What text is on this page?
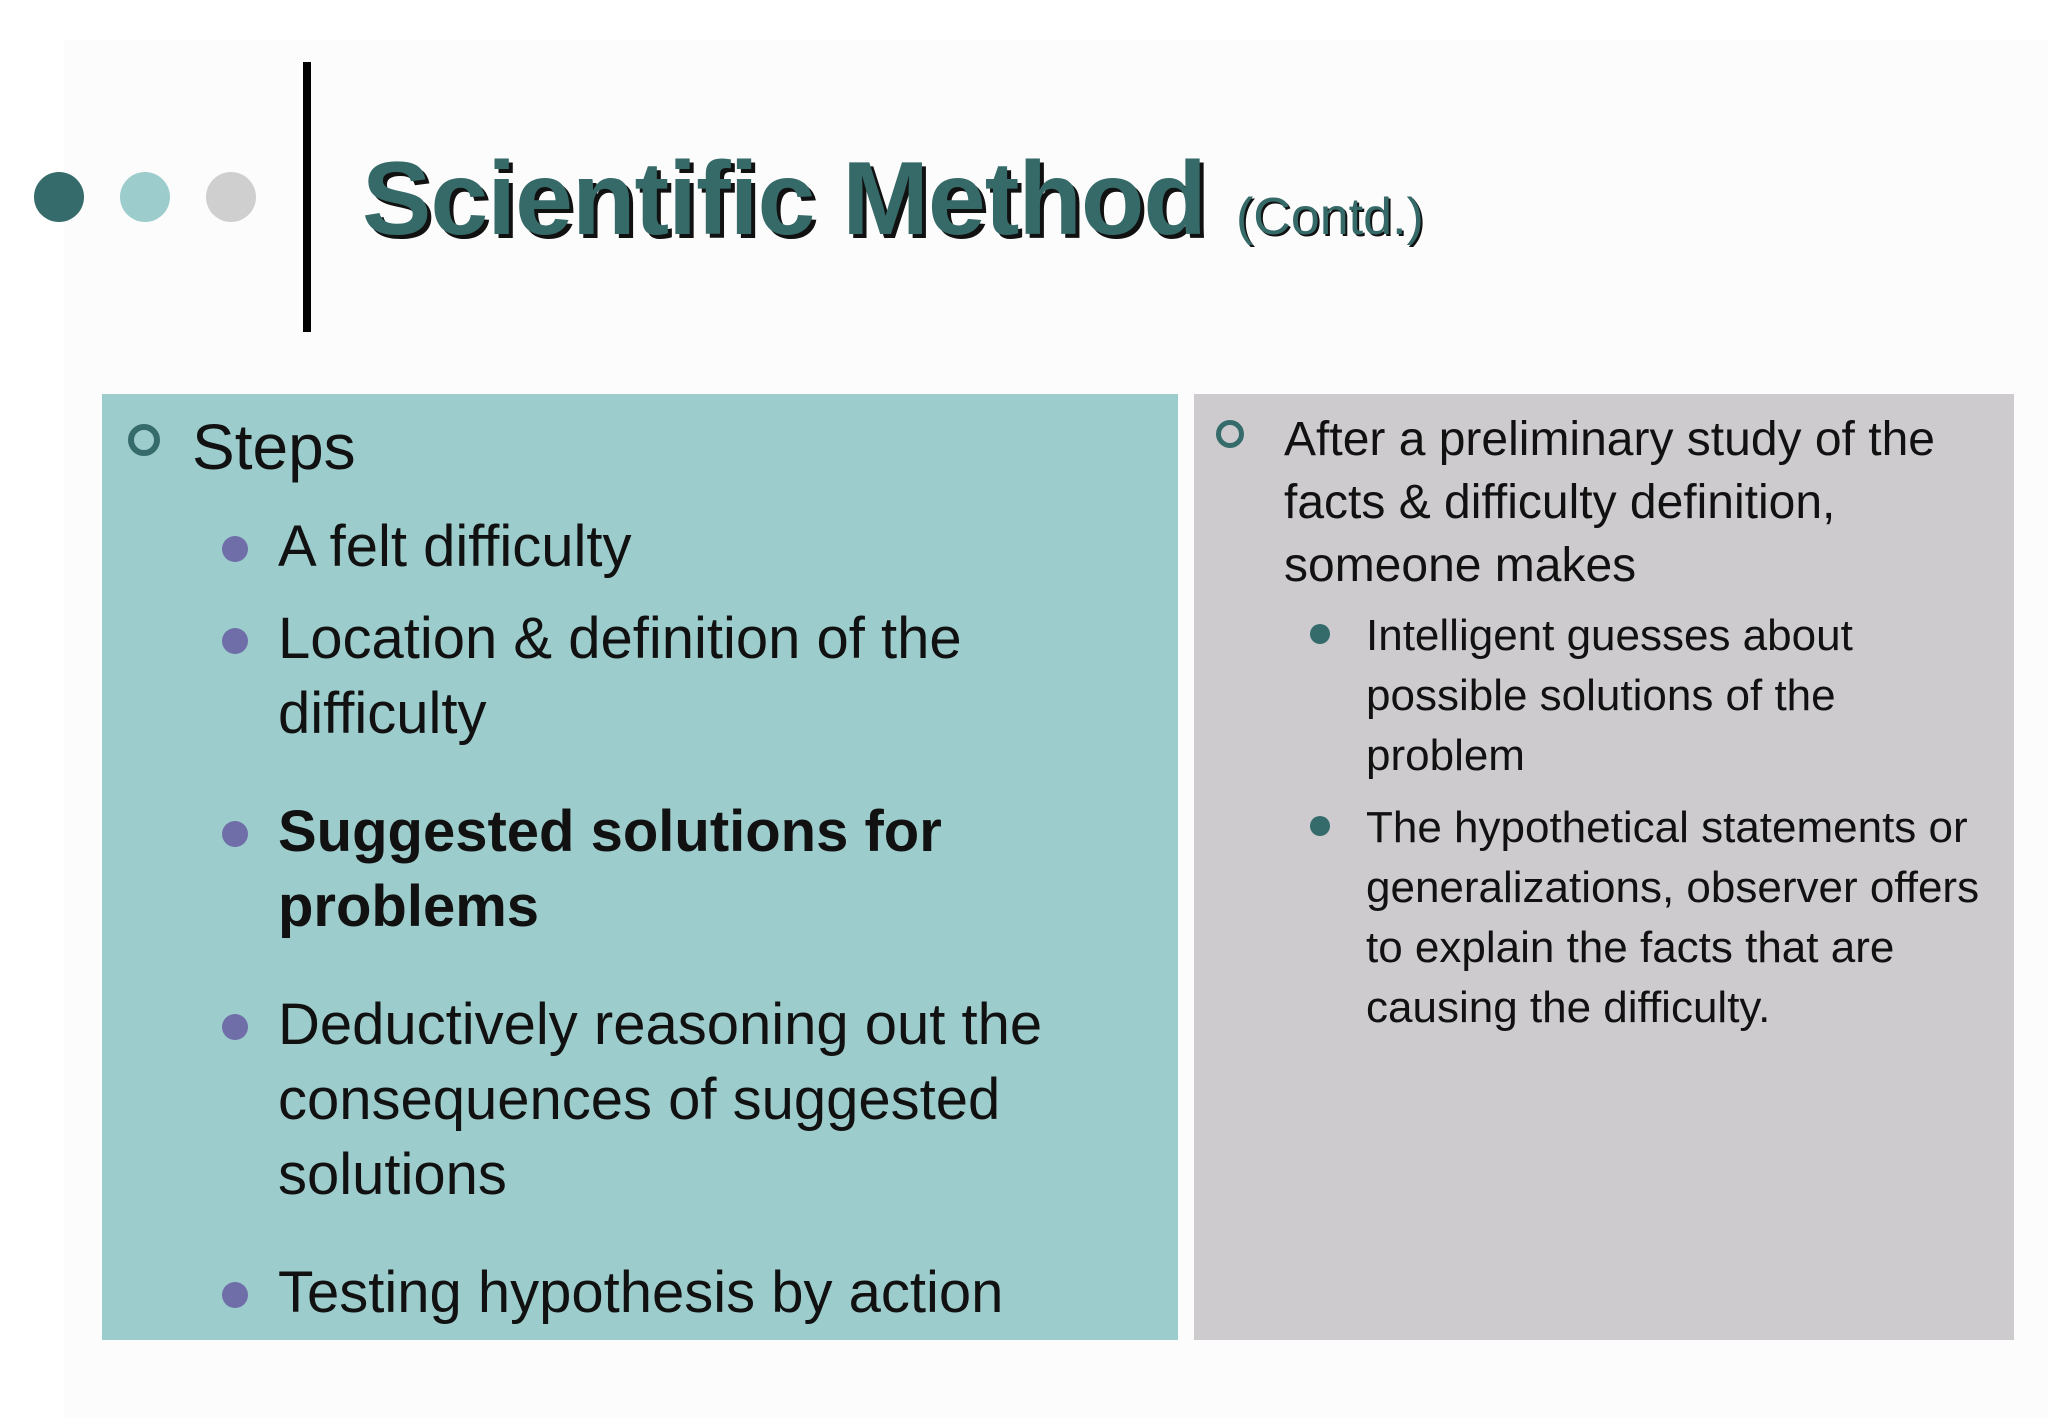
Scientific Method (Contd.)
Steps
A felt difficulty
Location & definition of the difficulty
Suggested solutions for problems
Deductively reasoning out the consequences of suggested solutions
Testing hypothesis by action
After a preliminary study of the facts & difficulty definition, someone makes
Intelligent guesses about possible solutions of the problem
The hypothetical statements or generalizations, observer offers to explain the facts that are causing the difficulty.
